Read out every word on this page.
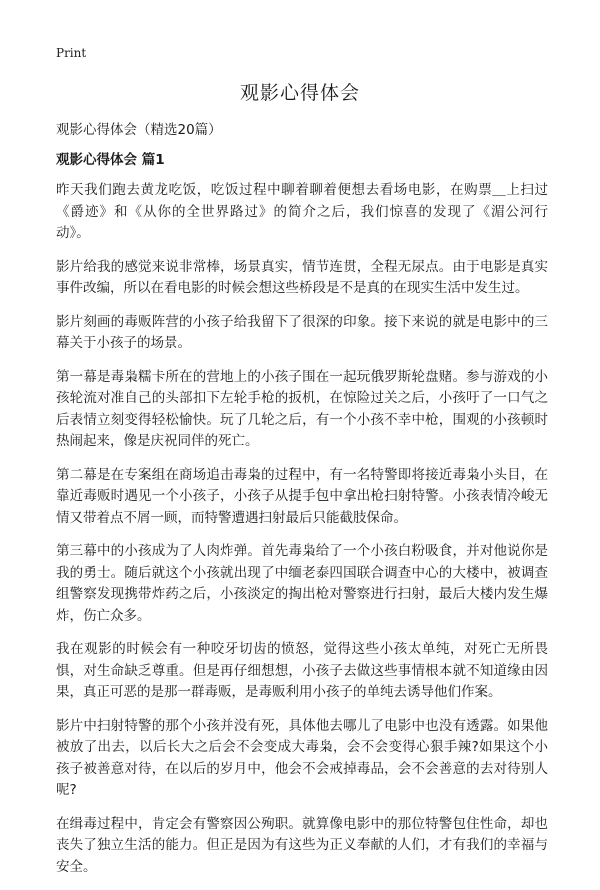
Print
观影心得体会

观影心得体会（精选20篇）

观影心得体会 篇1

昨天我们跑去黄龙吃饭，吃饭过程中聊着聊着便想去看场电影，在购票＿上扫过《爵迹》和《从你的全世界路过》的简介之后，我们惊喜的发现了《湄公河行动》。

影片给我的感觉来说非常棒，场景真实，情节连贯，全程无尿点。由于电影是真实事件改编，所以在看电影的时候会想这些桥段是不是真的在现实生活中发生过。

影片刻画的毒贩阵营的小孩子给我留下了很深的印象。接下来说的就是电影中的三幕关于小孩子的场景。

第一幕是毒枭糯卡所在的营地上的小孩子围在一起玩俄罗斯轮盘赌。参与游戏的小孩轮流对准自己的头部扣下左轮手枪的扳机，在惊险过关之后，小孩吁了一口气之后表情立刻变得轻松愉快。玩了几轮之后，有一个小孩不幸中枪，围观的小孩顿时热闹起来，像是庆祝同伴的死亡。

第二幕是在专案组在商场追击毒枭的过程中，有一名特警即将接近毒枭小头目，在靠近毒贩时遇见一个小孩子，小孩子从提手包中拿出枪扫射特警。小孩表情冷峻无情又带着点不屑一顾，而特警遭遇扫射最后只能截肢保命。

第三幕中的小孩成为了人肉炸弹。首先毒枭给了一个小孩白粉吸食，并对他说你是我的勇士。随后就这个小孩就出现了中缅老泰四国联合调查中心的大楼中，被调查组警察发现携带炸药之后，小孩淡定的掏出枪对警察进行扫射，最后大楼内发生爆炸，伤亡众多。

我在观影的时候会有一种咬牙切齿的愤怒，觉得这些小孩太单纯，对死亡无所畏惧，对生命缺乏尊重。但是再仔细想想，小孩子去做这些事情根本就不知道缘由因果，真正可恶的是那一群毒贩，是毒贩利用小孩子的单纯去诱导他们作案。

影片中扫射特警的那个小孩并没有死，具体他去哪儿了电影中也没有透露。如果他被放了出去，以后长大之后会不会变成大毒枭，会不会变得心狠手辣?如果这个小孩子被善意对待，在以后的岁月中，他会不会戒掉毒品，会不会善意的去对待别人呢?

在缉毒过程中，肯定会有警察因公殉职。就算像电影中的那位特警包住性命，却也丧失了独立生活的能力。但正是因为有这些为正义奉献的人们，才有我们的幸福与安全。
